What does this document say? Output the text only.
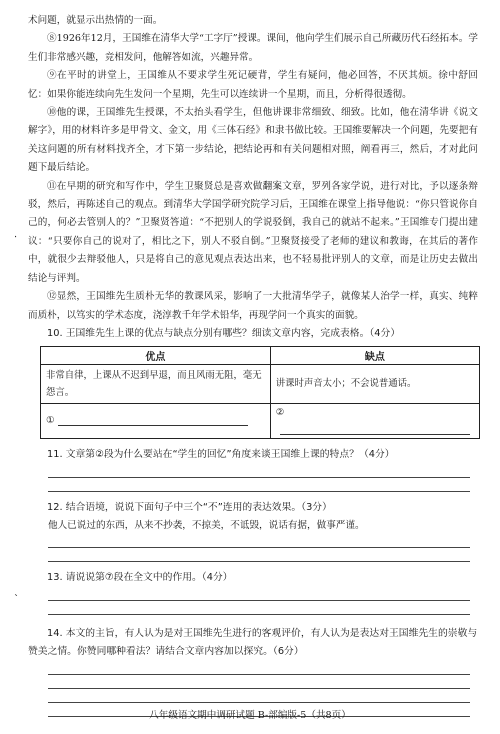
术问题，就显示出热情的一面。

⑧1926年12月，王国维在清华大学“工字厅”授课。课间，他向学生们展示自己所藏历代石经拓本。学生们非常感兴趣，竞相发问，他解答如流，兴趣异常。

⑨在平时的讲堂上，王国维从不要求学生死记硬背，学生有疑问，他必回答，不厌其烦。徐中舒回忆：如果你能连续向先生发问一个星期，先生可以连续讲一个星期，而且，分析得很透彻。

⑩他的课，王国维先生授课，不太抬头看学生，但他讲课非常细致、细致。比如，他在清华讲《说文解字》，用的材料许多是甲骨文、金文，用《三体石经》和隶书做比较。王国维要解决一个问题，先要把有关这问题的所有材料找齐全，才下第一步结论，把结论再和有关问题相对照，阐看再三，然后，才对此问题下最后结论。

⑪在早期的研究和写作中，学生卫聚贤总是喜欢做翻案文章，罗列各家学说，进行对比，予以逐条辩驳，然后，再陈述自己的观点。到清华大学国学研究院学习后，王国维在课堂上指导他说：“你只管说你自己的，何必去管别人的？”卫聚贤答道：“不把别人的学说驳倒，我自己的就站不起来。”王国维专门提出建议：“只要你自己的说对了，相比之下，别人不驳自倒。”卫聚贤接受了老师的建议和教诲，在其后的著作中，就很少去辩驳他人，只是将自己的意见观点表达出来，也不轻易批评别人的文章，而是让历史去做出结论与评判。

⑫显然，王国维先生质朴无华的教课风采，影响了一大批清华学子，就像某人治学一样，真实、纯粹而质朴，以笃实的学术态度，浇淳教千年学术铅华，再现学问一个真实的面貌。

10. 王国维先生上课的优点与缺点分别有哪些？细读文章内容，完成表格。（4分）

优点	缺点
非常自律，上课从不迟到早退，而且风雨无阻，毫无怨言。	讲课时声音太小；不会说普通话。
①	②

11. 文章第②段为什么要站在“学生的回忆”角度来谈王国维上课的特点？（4分）

12. 结合语境，说说下面句子中三个“不”连用的表达效果。（3分）

他人已说过的东西，从来不抄袭，不掠美，不诋毁，说话有据，做事严谨。

13. 请说说第⑦段在全文中的作用。（4分）

14. 本文的主旨，有人认为是对王国维先生进行的客观评价，有人认为是表达对王国维先生的崇敬与赞美之情。你赞同哪种看法？请结合文章内容加以探究。（6分）

⋅
ˋ
八年级语文期中调研试题 B-部编版-5（共8页）
